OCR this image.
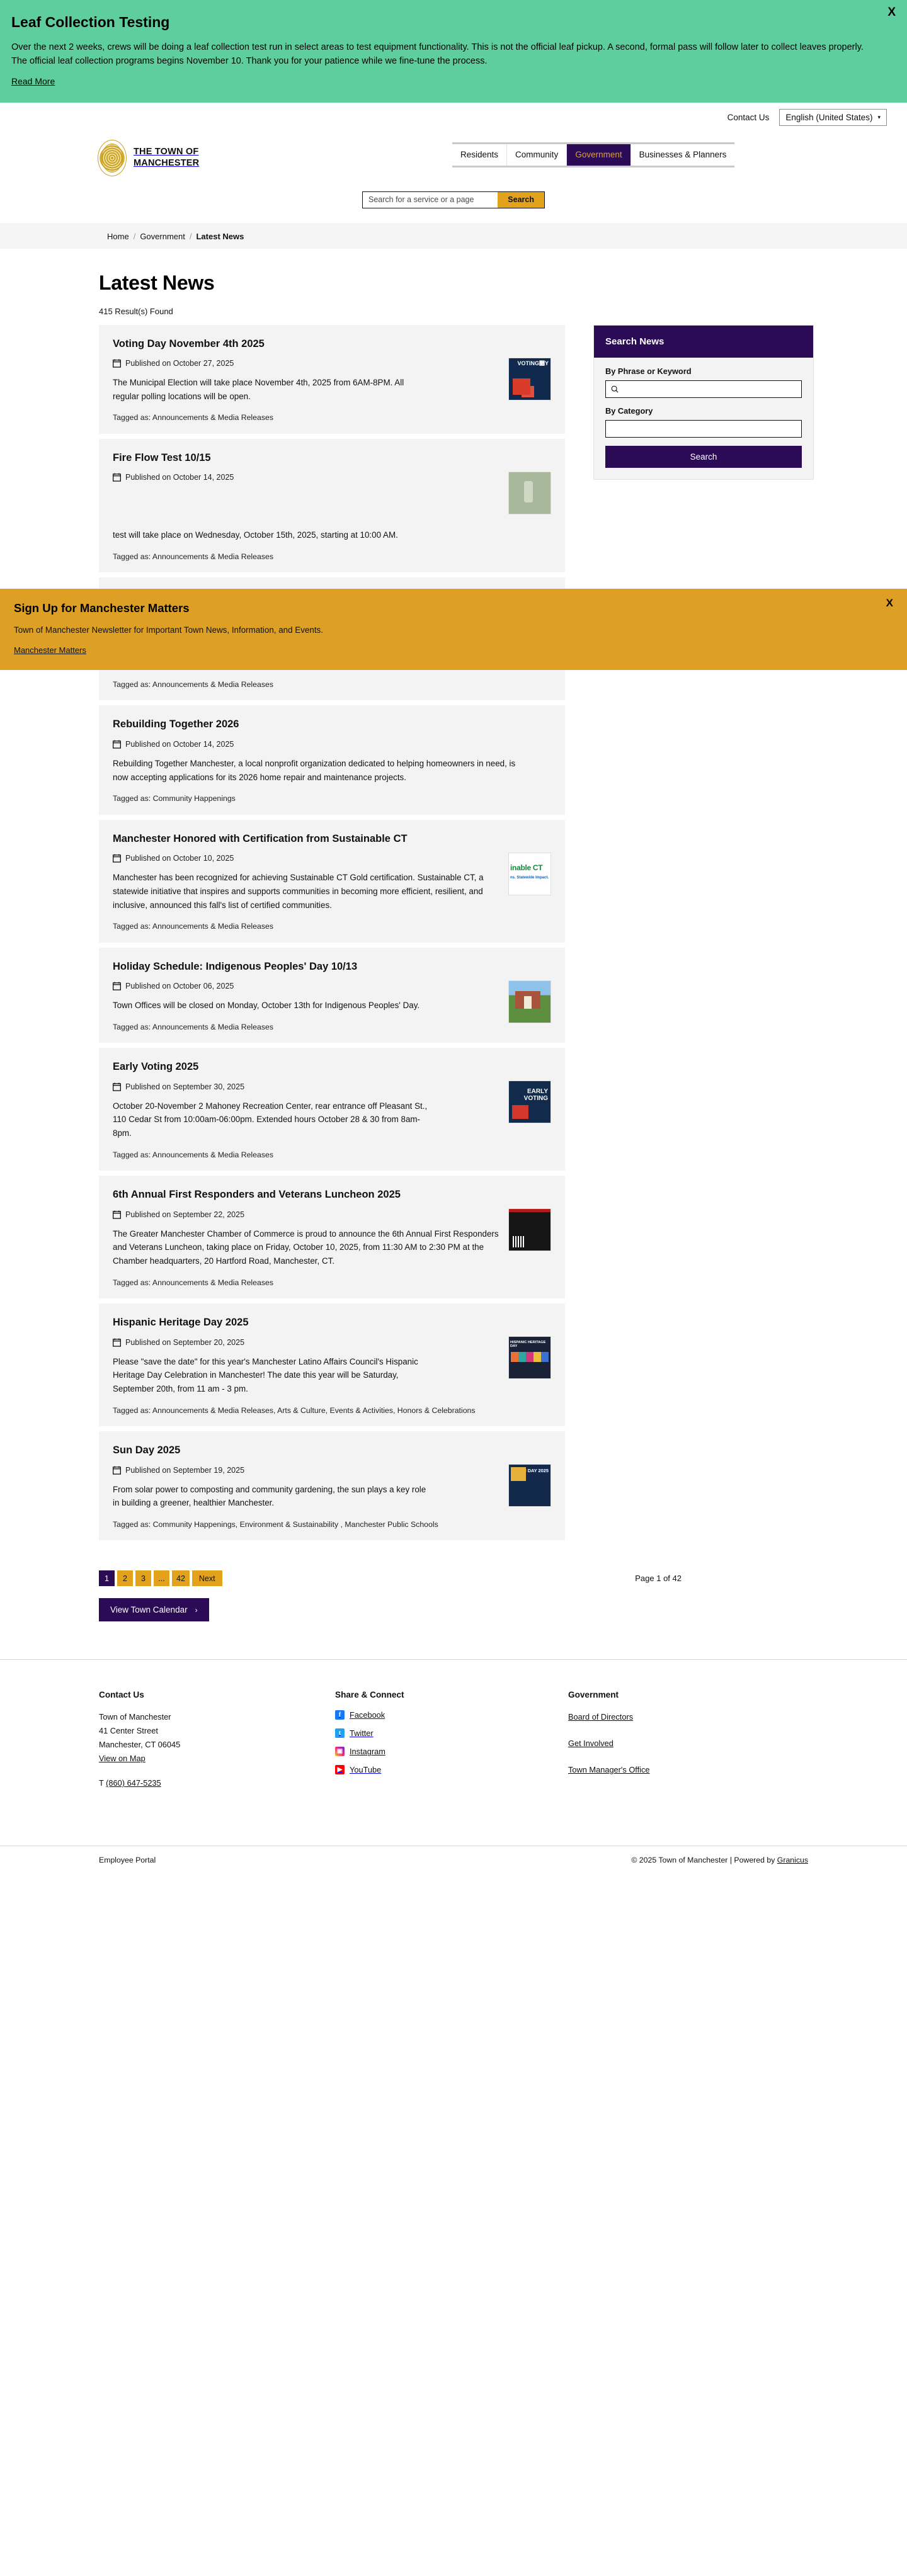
Leaf Collection Testing
Over the next 2 weeks, crews will be doing a leaf collection test run in select areas to test equipment functionality. This is not the official leaf pickup. A second, formal pass will follow later to collect leaves properly. The official leaf collection programs begins November 10. Thank you for your patience while we fine-tune the process.
Read More
X
Contact Us English (United States) ▾
THE TOWN OF
MANCHESTER
Residents	Community	Government	Businesses & Planners
Search for a service or a page
Search
Home / Government / Latest News
Latest News
415 Result(s) Found
Voting Day November 4th 2025
Published on October 27, 2025
The Municipal Election will take place November 4th, 2025 from 6AM-8PM. All regular polling locations will be open.
Tagged as: Announcements & Media Releases
VOTING૚Y
Fire Flow Test 10/15
Published on October 14, 2025
test will take place on Wednesday, October 15th, 2025, starting at 10:00 AM.
Tagged as: Announcements & Media Releases
Tagged as: Announcements & Media Releases
Rebuilding Together 2026
Published on October 14, 2025
Rebuilding Together Manchester, a local nonprofit organization dedicated to helping homeowners in need, is now accepting applications for its 2026 home repair and maintenance projects.
Tagged as: Community Happenings
Manchester Honored with Certification from Sustainable CT
Published on October 10, 2025
Manchester has been recognized for achieving Sustainable CT Gold certification. Sustainable CT, a statewide initiative that inspires and supports communities in becoming more efficient, resilient, and inclusive, announced this fall's list of certified communities.
Tagged as: Announcements & Media Releases
inable CT ns. Statewide Impact.
Holiday Schedule: Indigenous Peoples' Day 10/13
Published on October 06, 2025
Town Offices will be closed on Monday, October 13th for Indigenous Peoples' Day.
Tagged as: Announcements & Media Releases
Early Voting 2025
Published on September 30, 2025
October 20-November 2 Mahoney Recreation Center, rear entrance off Pleasant St., 110 Cedar St from 10:00am-06:00pm. Extended hours October 28 & 30 from 8am-8pm.
Tagged as: Announcements & Media Releases
EARLY VOTING
6th Annual First Responders and Veterans Luncheon 2025
Published on September 22, 2025
The Greater Manchester Chamber of Commerce is proud to announce the 6th Annual First Responders and Veterans Luncheon, taking place on Friday, October 10, 2025, from 11:30 AM to 2:30 PM at the Chamber headquarters, 20 Hartford Road, Manchester, CT.
Tagged as: Announcements & Media Releases
Hispanic Heritage Day 2025
Published on September 20, 2025
Please "save the date" for this year's Manchester Latino Affairs Council's Hispanic Heritage Day Celebration in Manchester! The date this year will be Saturday, September 20th, from 11 am - 3 pm.
Tagged as: Announcements & Media Releases, Arts & Culture, Events & Activities, Honors & Celebrations
HISPANIC HERITAGE DAY
Sun Day 2025
Published on September 19, 2025
From solar power to composting and community gardening, the sun plays a key role in building a greener, healthier Manchester.
Tagged as: Community Happenings, Environment & Sustainability , Manchester Public Schools
SUN DAY 2025
Search News
By Phrase or Keyword
By Category
Search
1	2	3	...	42	Next	Page 1 of 42
View Town Calendar ›
Sign Up for Manchester Matters
Town of Manchester Newsletter for Important Town News, Information, and Events.
Manchester Matters
X
Contact Us
Town of Manchester
41 Center Street
Manchester, CT 06045
View on Map
T (860) 647-5235
Share & Connect
f	Facebook
t	Twitter
▣ Instagram
▶ YouTube
Government
Board of Directors
Get Involved
Town Manager's Office
Employee Portal	© 2025 Town of Manchester | Powered by Granicus
